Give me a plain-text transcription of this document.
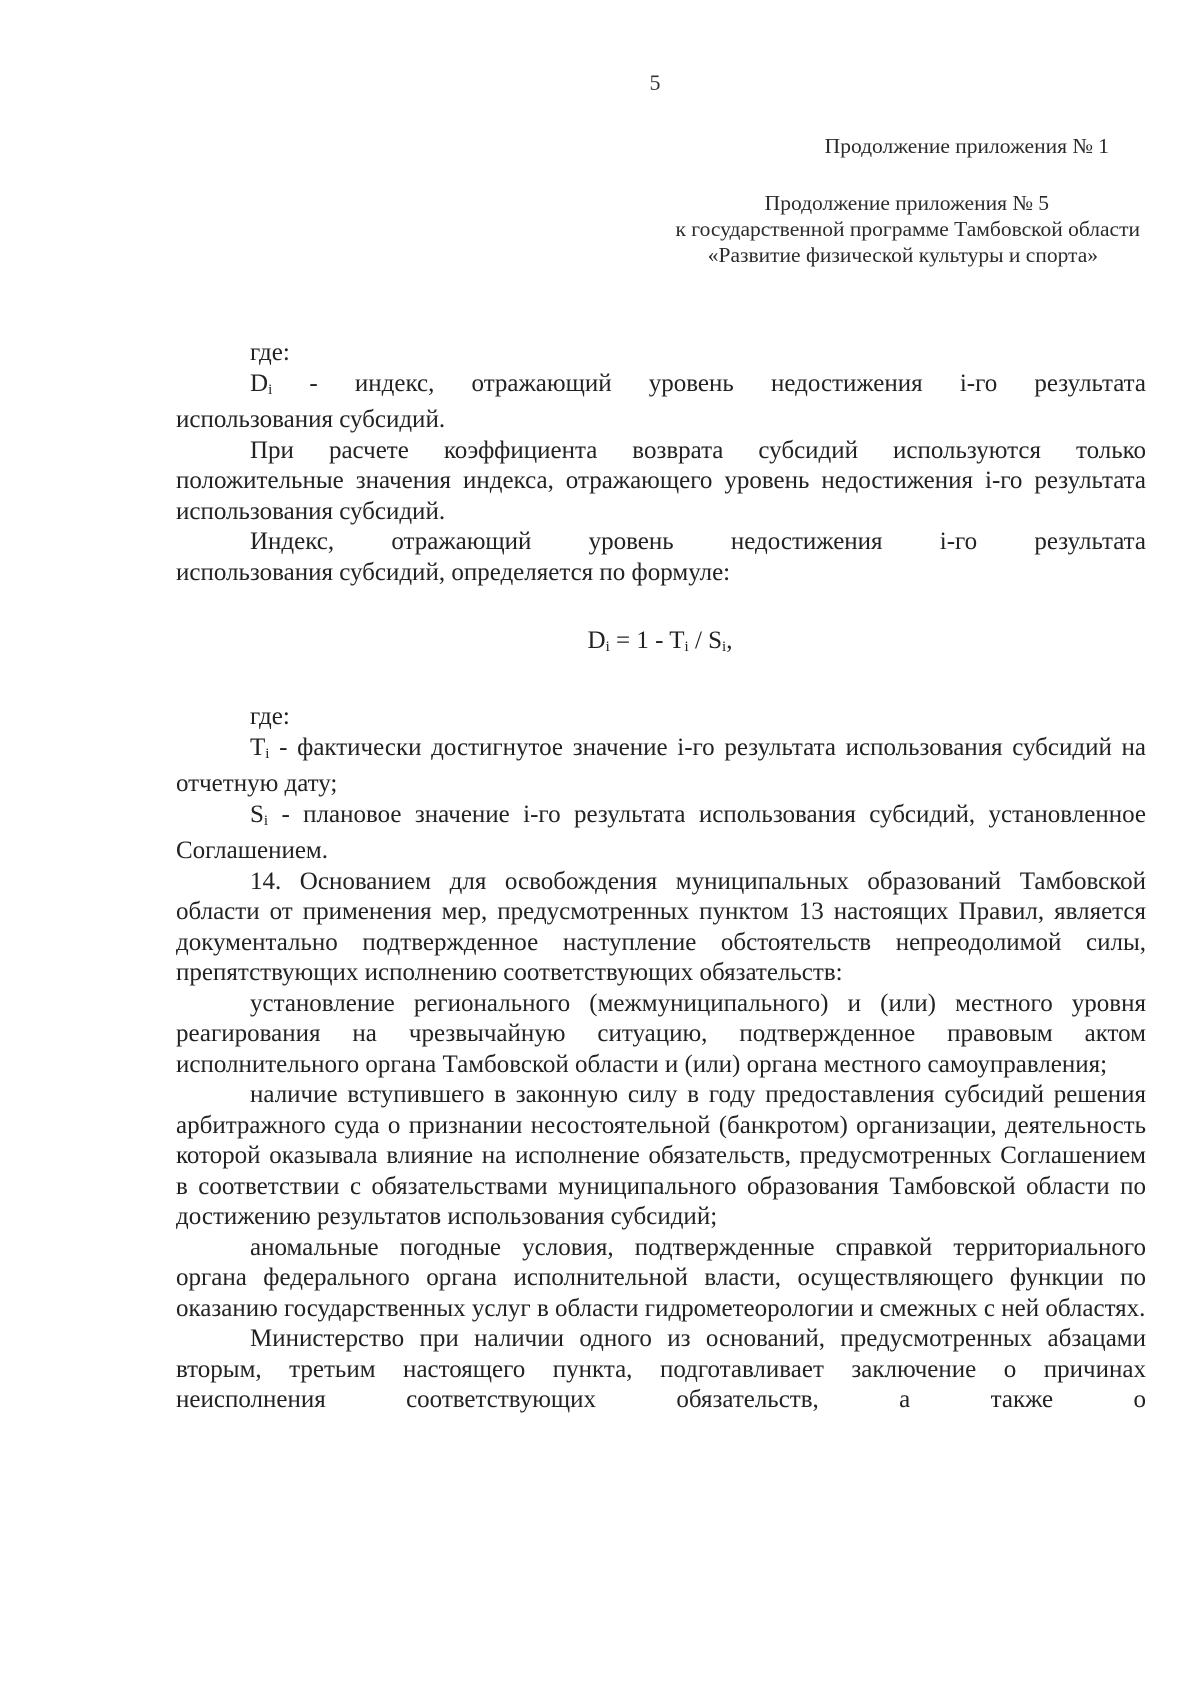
5
Продолжение приложения № 1
Продолжение приложения № 5
к государственной программе Тамбовской области
«Развитие физической культуры и спорта»

где:

$D_i$ - индекс, отражающий уровень недостижения i-го результата

использования субсидий.

При расчете коэффициента возврата субсидий используются только положительные значения индекса, отражающего уровень недостижения i-го результата использования субсидий.

Индекс, отражающий уровень недостижения i-го результата

использования субсидий, определяется по формуле:

$D_i = 1 - T_i / S_i$,

где:

$T_i$ - фактически достигнутое значение i-го результата использования субсидий на отчетную дату;

$S_i$ - плановое значение i-го результата использования субсидий, установленное Соглашением.

14. Основанием для освобождения муниципальных образований Тамбовской области от применения мер, предусмотренных пунктом 13 настоящих Правил, является документально подтвержденное наступление обстоятельств непреодолимой силы, препятствующих исполнению соответствующих обязательств:

установление регионального (межмуниципального) и (или) местного уровня реагирования на чрезвычайную ситуацию, подтвержденное правовым актом исполнительного органа Тамбовской области и (или) органа местного самоуправления;

наличие вступившего в законную силу в году предоставления субсидий решения арбитражного суда о признании несостоятельной (банкротом) организации, деятельность которой оказывала влияние на исполнение обязательств, предусмотренных Соглашением в соответствии с обязательствами муниципального образования Тамбовской области по достижению результатов использования субсидий;

аномальные погодные условия, подтвержденные справкой территориального органа федерального органа исполнительной власти, осуществляющего функции по оказанию государственных услуг в области гидрометеорологии и смежных с ней областях.

Министерство при наличии одного из оснований, предусмотренных абзацами вторым, третьим настоящего пункта, подготавливает заключение о причинах неисполнения соответствующих обязательств, а также о
